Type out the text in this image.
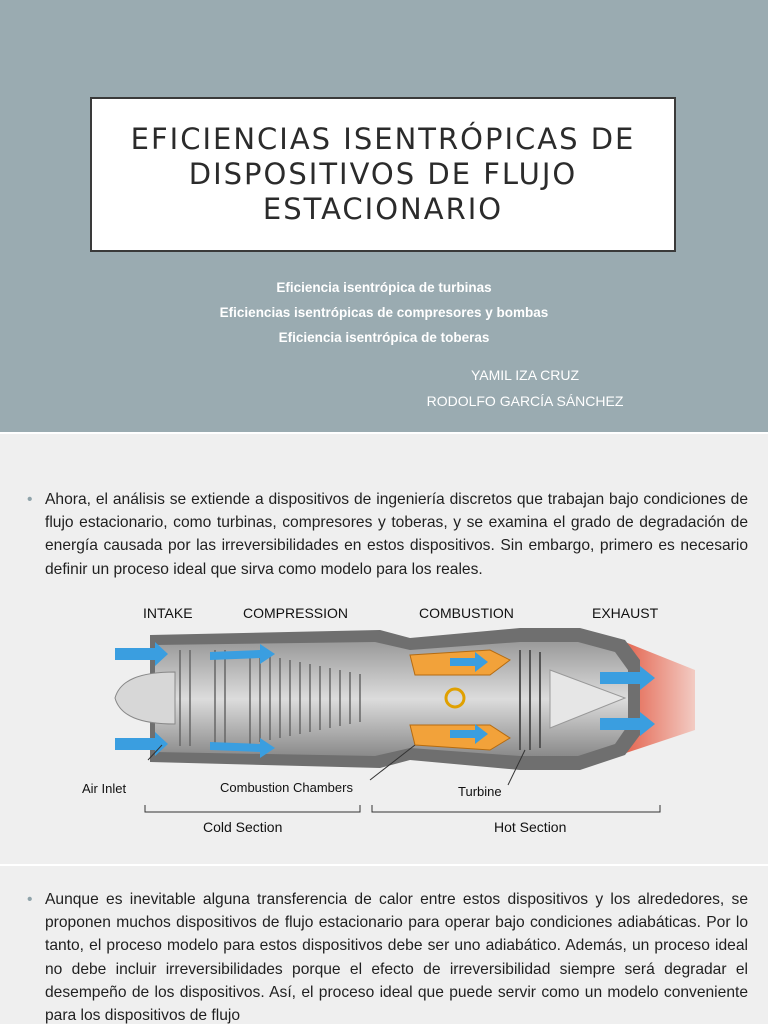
EFICIENCIAS ISENTRÓPICAS DE DISPOSITIVOS DE FLUJO ESTACIONARIO
Eficiencia isentrópica de turbinas
Eficiencias isentrópicas de compresores y bombas
Eficiencia isentrópica de toberas
YAMIL IZA CRUZ
RODOLFO GARCÍA SÁNCHEZ
• Ahora, el análisis se extiende a dispositivos de ingeniería discretos que trabajan bajo condiciones de flujo estacionario, como turbinas, compresores y toberas, y se examina el grado de degradación de energía causada por las irreversibilidades en estos dispositivos. Sin embargo, primero es necesario definir un proceso ideal que sirva como modelo para los reales.
INTAKE	COMPRESSION	COMBUSTION	EXHAUST
Air Inlet	Combustion Chambers	Turbine
Cold Section	Hot Section
• Aunque es inevitable alguna transferencia de calor entre estos dispositivos y los alrededores, se proponen muchos dispositivos de flujo estacionario para operar bajo condiciones adiabáticas. Por lo tanto, el proceso modelo para estos dispositivos debe ser uno adiabático. Además, un proceso ideal no debe incluir irreversibilidades porque el efecto de irreversibilidad siempre será degradar el desempeño de los dispositivos. Así, el proceso ideal que puede servir como un modelo conveniente para los dispositivos de flujo
